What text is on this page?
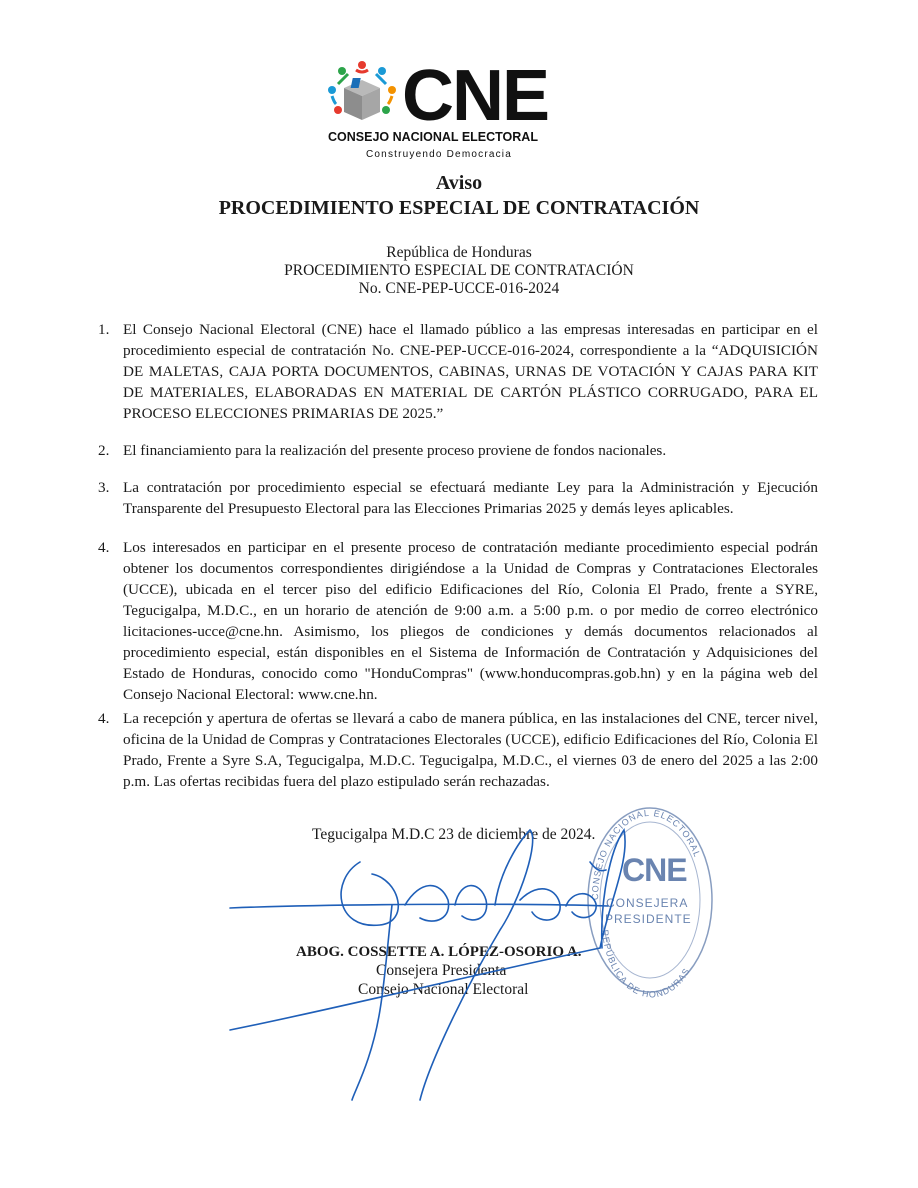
CNE
CONSEJO NACIONAL ELECTORAL
Construyendo Democracia
Aviso
PROCEDIMIENTO ESPECIAL DE CONTRATACIÓN
República de Honduras
PROCEDIMIENTO ESPECIAL DE CONTRATACIÓN
No. CNE-PEP-UCCE-016-2024
1. El Consejo Nacional Electoral (CNE) hace el llamado público a las empresas interesadas en participar en el procedimiento especial de contratación No. CNE-PEP-UCCE-016-2024, correspondiente a la “ADQUISICIÓN DE MALETAS, CAJA PORTA DOCUMENTOS, CABINAS, URNAS DE VOTACIÓN Y CAJAS PARA KIT DE MATERIALES, ELABORADAS EN MATERIAL DE CARTÓN PLÁSTICO CORRUGADO, PARA EL PROCESO ELECCIONES PRIMARIAS DE 2025.”
2. El financiamiento para la realización del presente proceso proviene de fondos nacionales.
3. La contratación por procedimiento especial se efectuará mediante Ley para la Administración y Ejecución Transparente del Presupuesto Electoral para las Elecciones Primarias 2025 y demás leyes aplicables.
4. Los interesados en participar en el presente proceso de contratación mediante procedimiento especial podrán obtener los documentos correspondientes dirigiéndose a la Unidad de Compras y Contrataciones Electorales (UCCE), ubicada en el tercer piso del edificio Edificaciones del Río, Colonia El Prado, frente a SYRE, Tegucigalpa, M.D.C., en un horario de atención de 9:00 a.m. a 5:00 p.m. o por medio de correo electrónico licitaciones-ucce@cne.hn. Asimismo, los pliegos de condiciones y demás documentos relacionados al procedimiento especial, están disponibles en el Sistema de Información de Contratación y Adquisiciones del Estado de Honduras, conocido como "HonduCompras" (www.honducompras.gob.hn) y en la página web del Consejo Nacional Electoral: www.cne.hn.
4. La recepción y apertura de ofertas se llevará a cabo de manera pública, en las instalaciones del CNE, tercer nivel, oficina de la Unidad de Compras y Contrataciones Electorales (UCCE), edificio Edificaciones del Río, Colonia El Prado, Frente a Syre S.A, Tegucigalpa, M.D.C. Tegucigalpa, M.D.C., el viernes 03 de enero del 2025 a las 2:00 p.m. Las ofertas recibidas fuera del plazo estipulado serán rechazadas.
Tegucigalpa M.D.C 23 de diciembre de 2024.
ABOG. COSSETTE A. LÓPEZ-OSORIO A.
Consejera Presidenta
Consejo Nacional Electoral
CONSEJO NACIONAL ELECTORAL
REPÚBLICA DE HONDURAS
CNE
CONSEJERA
PRESIDENTE
